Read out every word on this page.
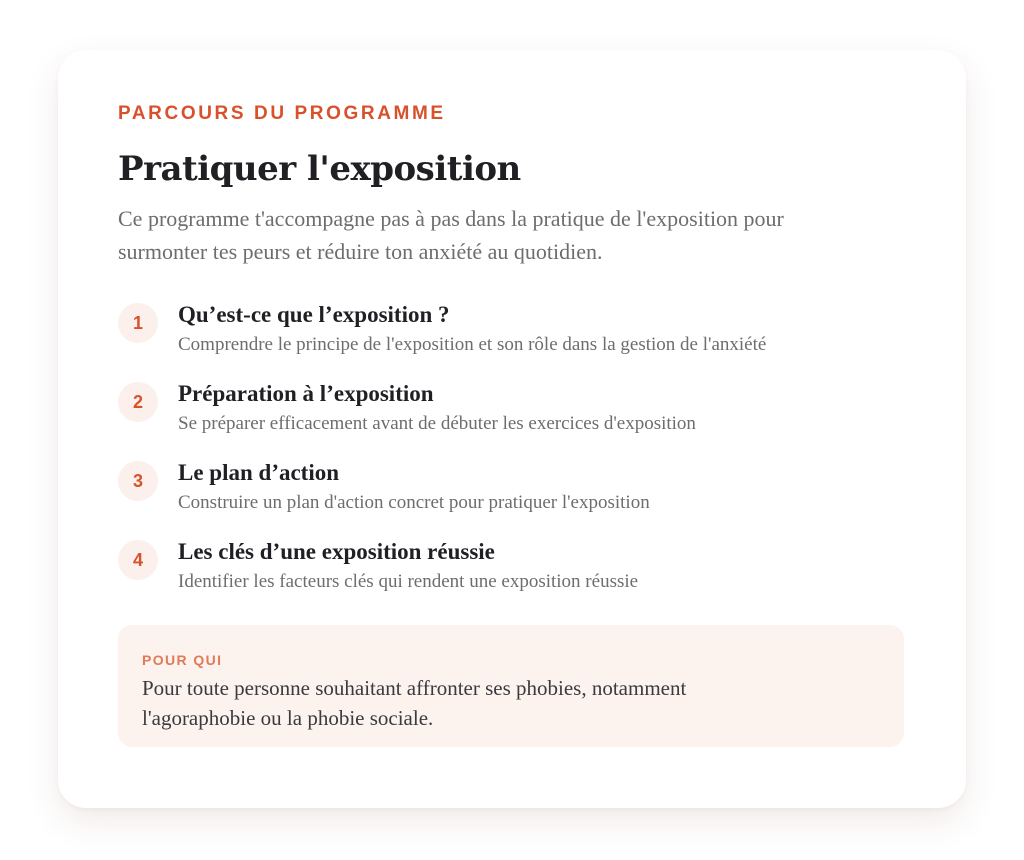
PARCOURS DU PROGRAMME

Pratiquer l'exposition

Ce programme t'accompagne pas à pas dans la pratique de l'exposition pour surmonter tes peurs et réduire ton anxiété au quotidien.

1	Qu’est-ce que l’exposition ?

Comprendre le principe de l'exposition et son rôle dans la gestion de l'anxiété

2	Préparation à l’exposition

Se préparer efficacement avant de débuter les exercices d'exposition

3	Le plan d’action

Construire un plan d'action concret pour pratiquer l'exposition

4	Les clés d’une exposition réussie

Identifier les facteurs clés qui rendent une exposition réussie

POUR QUI

Pour toute personne souhaitant affronter ses phobies, notamment l'agoraphobie ou la phobie sociale.
